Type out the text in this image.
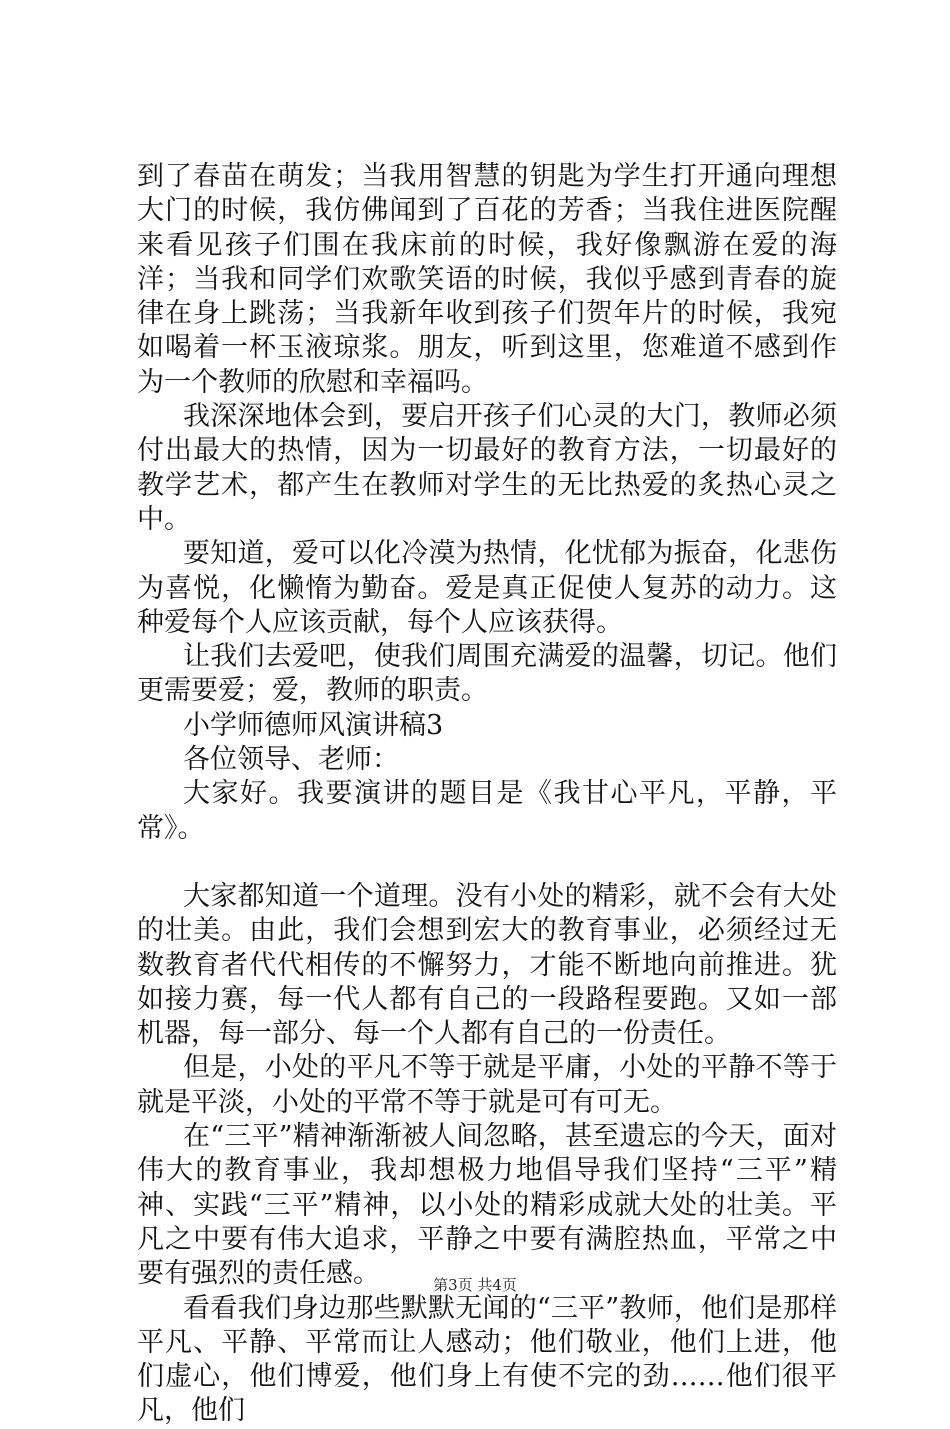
到了春苗在萌发；当我用智慧的钥匙为学生打开通向理想大门的时候，我仿佛闻到了百花的芳香；当我住进医院醒来看见孩子们围在我床前的时候，我好像飘游在爱的海洋；当我和同学们欢歌笑语的时候，我似乎感到青春的旋律在身上跳荡；当我新年收到孩子们贺年片的时候，我宛如喝着一杯玉液琼浆。朋友，听到这里，您难道不感到作为一个教师的欣慰和幸福吗。

我深深地体会到，要启开孩子们心灵的大门，教师必须付出最大的热情，因为一切最好的教育方法，一切最好的教学艺术，都产生在教师对学生的无比热爱的炙热心灵之中。

要知道，爱可以化冷漠为热情，化忧郁为振奋，化悲伤为喜悦，化懒惰为勤奋。爱是真正促使人复苏的动力。这种爱每个人应该贡献，每个人应该获得。

让我们去爱吧，使我们周围充满爱的温馨，切记。他们更需要爱；爱，教师的职责。

小学师德师风演讲稿3

各位领导、老师：

大家好。我要演讲的题目是《我甘心平凡，平静，平常》。

大家都知道一个道理。没有小处的精彩，就不会有大处的壮美。由此，我们会想到宏大的教育事业，必须经过无数教育者代代相传的不懈努力，才能不断地向前推进。犹如接力赛，每一代人都有自己的一段路程要跑。又如一部机器，每一部分、每一个人都有自己的一份责任。

但是，小处的平凡不等于就是平庸，小处的平静不等于就是平淡，小处的平常不等于就是可有可无。

在“三平”精神渐渐被人间忽略，甚至遗忘的今天，面对伟大的教育事业，我却想极力地倡导我们坚持“三平”精神、实践“三平”精神，以小处的精彩成就大处的壮美。平凡之中要有伟大追求，平静之中要有满腔热血，平常之中要有强烈的责任感。

看看我们身边那些默默无闻的“三平”教师，他们是那样平凡、平静、平常而让人感动；他们敬业，他们上进，他们虚心，他们博爱，他们身上有使不完的劲……他们很平凡，他们

第3页 共4页
